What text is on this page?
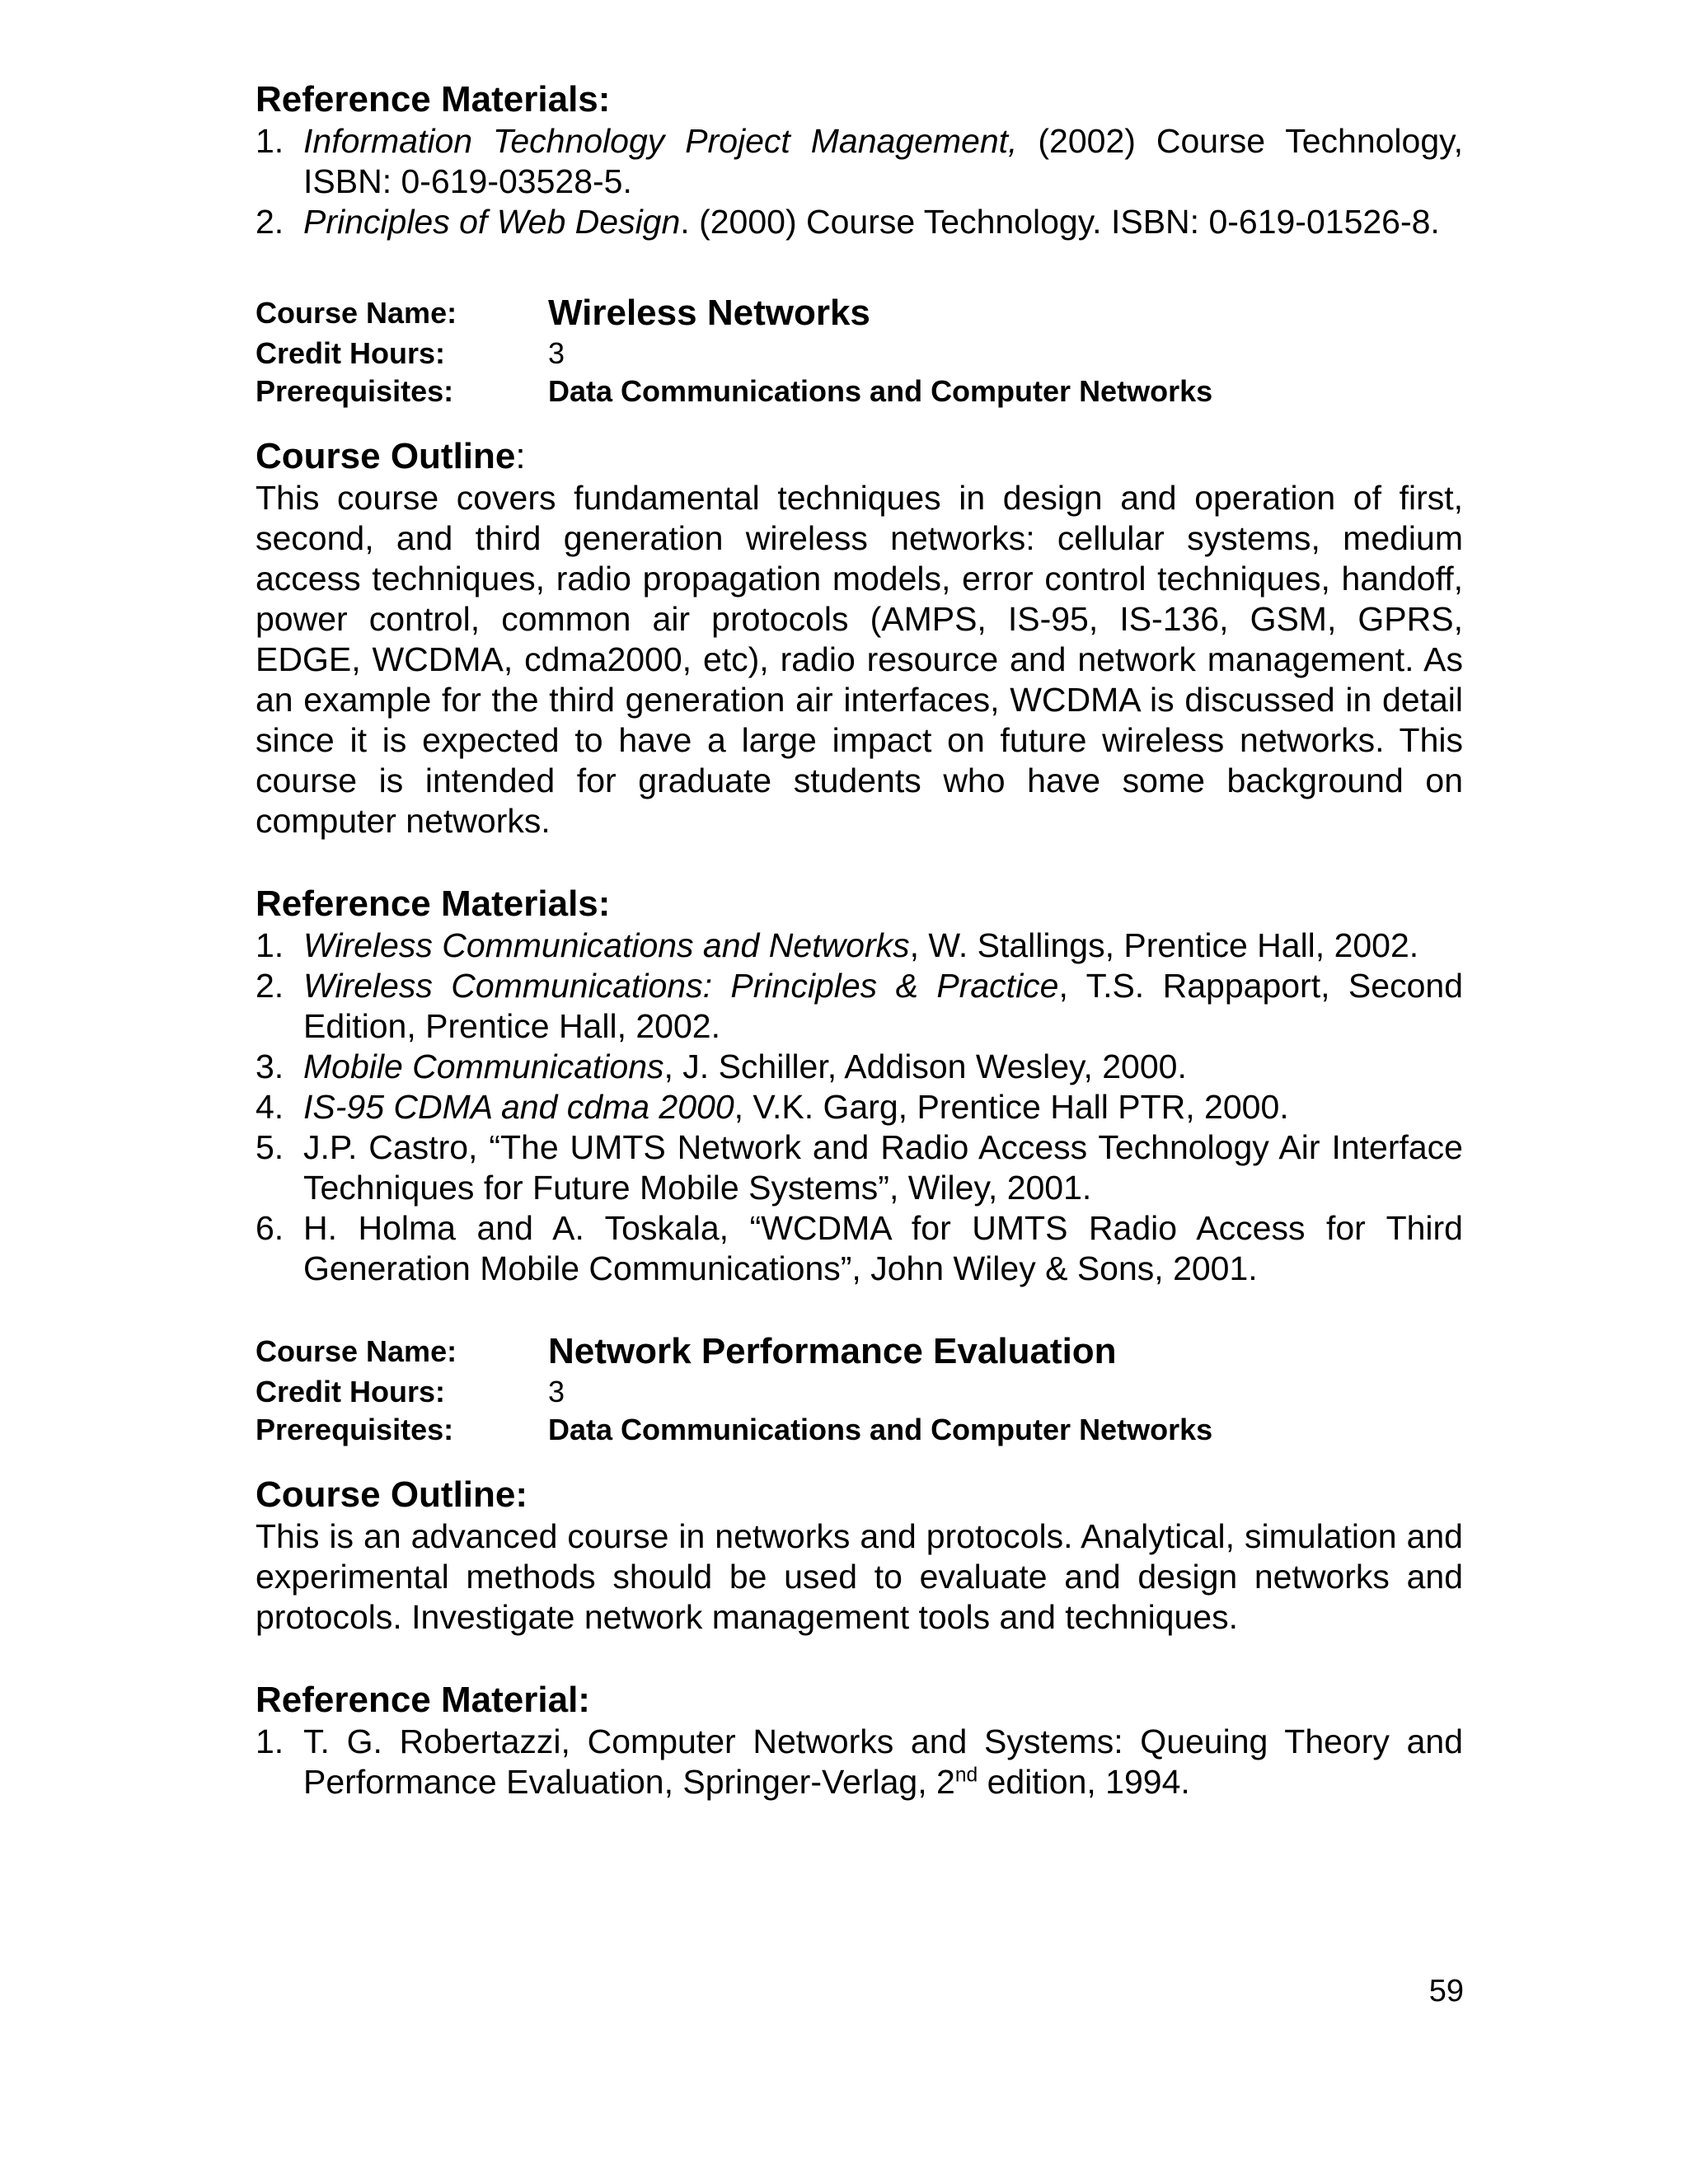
Reference Materials:
1. Information Technology Project Management, (2002) Course Technology, ISBN: 0-619-03528-5.
2. Principles of Web Design. (2000) Course Technology. ISBN: 0-619-01526-8.
Course Name:	Wireless Networks
Credit Hours:	3
Prerequisites:	Data Communications and Computer Networks
Course Outline:

This course covers fundamental techniques in design and operation of first, second, and third generation wireless networks: cellular systems, medium access techniques, radio propagation models, error control techniques, handoff, power control, common air protocols (AMPS, IS-95, IS-136, GSM, GPRS, EDGE, WCDMA, cdma2000, etc), radio resource and network management. As an example for the third generation air interfaces, WCDMA is discussed in detail since it is expected to have a large impact on future wireless networks. This course is intended for graduate students who have some background on computer networks.

Reference Materials:
1. Wireless Communications and Networks, W. Stallings, Prentice Hall, 2002.
2. Wireless Communications: Principles & Practice, T.S. Rappaport, Second Edition, Prentice Hall, 2002.
3. Mobile Communications, J. Schiller, Addison Wesley, 2000.
4. IS-95 CDMA and cdma 2000, V.K. Garg, Prentice Hall PTR, 2000.
5. J.P. Castro, “The UMTS Network and Radio Access Technology Air Interface Techniques for Future Mobile Systems”, Wiley, 2001.
6. H. Holma and A. Toskala, “WCDMA for UMTS Radio Access for Third Generation Mobile Communications”, John Wiley & Sons, 2001.
Course Name:	Network Performance Evaluation
Credit Hours:	3
Prerequisites:	Data Communications and Computer Networks
Course Outline:

This is an advanced course in networks and protocols. Analytical, simulation and experimental methods should be used to evaluate and design networks and protocols. Investigate network management tools and techniques.

Reference Material:
1. T. G. Robertazzi, Computer Networks and Systems: Queuing Theory and Performance Evaluation, Springer-Verlag, 2nd edition, 1994.
59
